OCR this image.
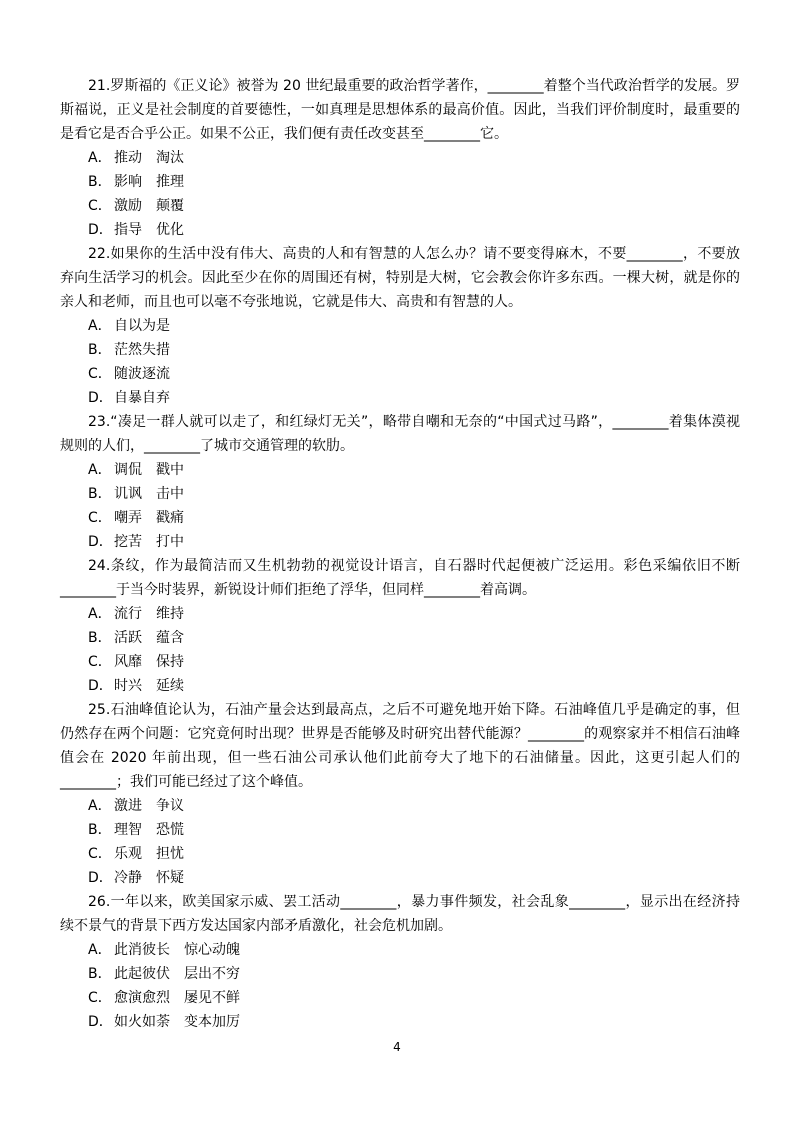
21.罗斯福的《正义论》被誉为 20 世纪最重要的政治哲学著作，________着整个当代政治哲学的发展。罗斯福说，正义是社会制度的首要德性，一如真理是思想体系的最高价值。因此，当我们评价制度时，最重要的是看它是否合乎公正。如果不公正，我们便有责任改变甚至________它。

A． 推动　淘汰

B． 影响　推理

C． 激励　颠覆

D．指导　优化

22.如果你的生活中没有伟大、高贵的人和有智慧的人怎么办？请不要变得麻木，不要________，不要放弃向生活学习的机会。因此至少在你的周围还有树，特别是大树，它会教会你许多东西。一棵大树，就是你的亲人和老师，而且也可以毫不夸张地说，它就是伟大、高贵和有智慧的人。

A． 自以为是

B． 茫然失措

C． 随波逐流

D．自暴自弃

23.“凑足一群人就可以走了，和红绿灯无关”，略带自嘲和无奈的“中国式过马路”，________着集体漠视规则的人们，________了城市交通管理的软肋。

A． 调侃　戳中

B． 讥讽　击中

C． 嘲弄　戳痛

D．挖苦　打中

24.条纹，作为最简洁而又生机勃勃的视觉设计语言，自石器时代起便被广泛运用。彩色采编依旧不断________于当今时装界，新锐设计师们拒绝了浮华，但同样________着高调。

A． 流行　维持

B． 活跃　蕴含

C． 风靡　保持

D．时兴　延续

25.石油峰值论认为，石油产量会达到最高点，之后不可避免地开始下降。石油峰值几乎是确定的事，但仍然存在两个问题：它究竟何时出现？世界是否能够及时研究出替代能源？________的观察家并不相信石油峰值会在 2020 年前出现，但一些石油公司承认他们此前夸大了地下的石油储量。因此，这更引起人们的________；我们可能已经过了这个峰值。

A． 激进　争议

B． 理智　恐慌

C． 乐观　担忧

D．冷静　怀疑

26.一年以来，欧美国家示威、罢工活动________，暴力事件频发，社会乱象________，显示出在经济持续不景气的背景下西方发达国家内部矛盾激化，社会危机加剧。

A． 此消彼长　惊心动魄

B． 此起彼伏　层出不穷

C． 愈演愈烈　屡见不鲜

D．如火如荼　变本加厉

4
